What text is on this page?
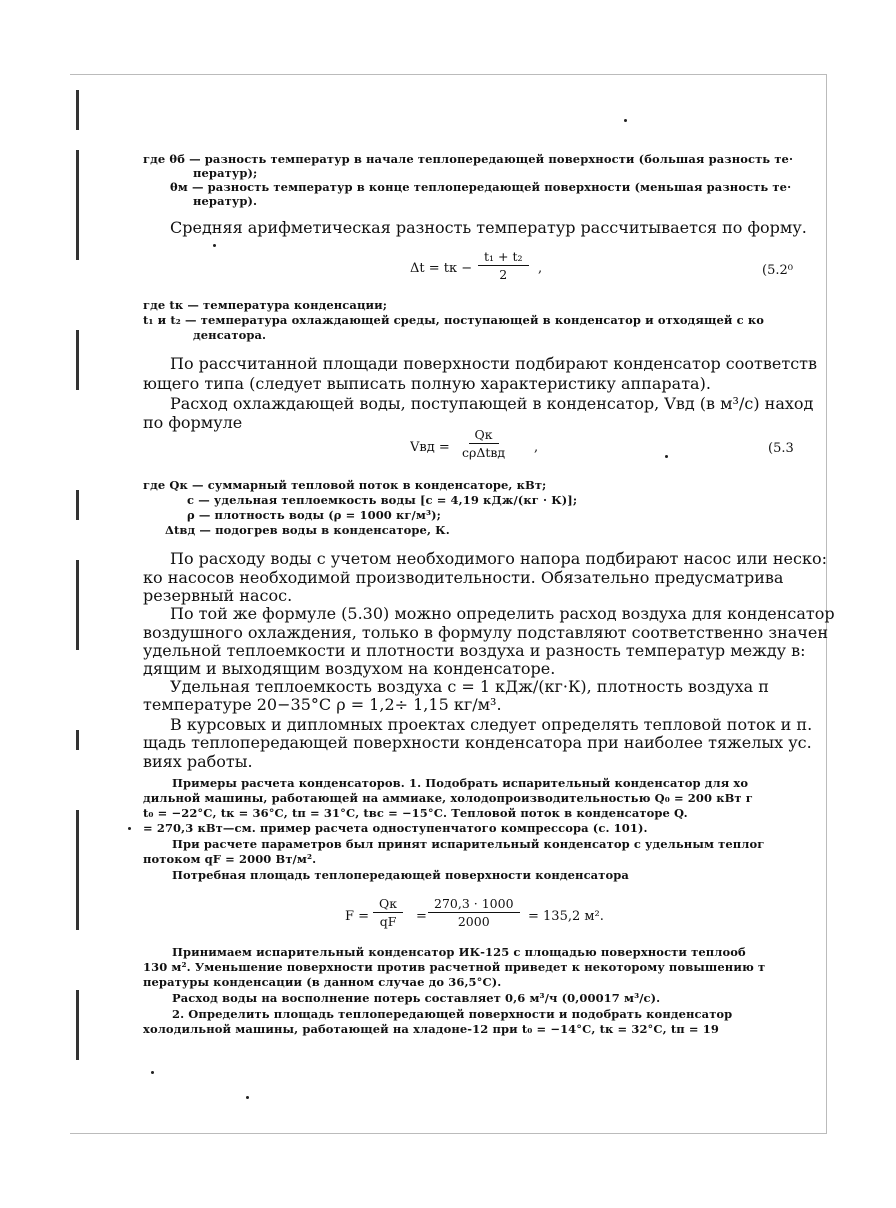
где θб — разность температур в начале теплопередающей поверхности (большая разность те·
ператур);
θм — разность температур в конце теплопередающей поверхности (меньшая разность те·
нератур).
Средняя арифметическая разность температур рассчитывается по форму.
Δt = tк − $\frac{\text{t₁ + t₂}}{2}$ ,	(5.2⁰
где tк — температура конденсации;
t₁ и t₂ — температура охлаждающей среды, поступающей в конденсатор и отходящей с ко
денсатора.
По рассчитанной площади поверхности подбирают конденсатор соответств
ющего типа (следует выписать полную характеристику аппарата).
Расход охлаждающей воды, поступающей в конденсатор, Vвд (в м³/с) наход
по формуле
Vвд =
Qк
cρΔtвд ,	(5.3
где Qк — суммарный тепловой поток в конденсаторе, кВт;
c — удельная теплоемкость воды [c = 4,19 кДж/(кг · К)];
ρ — плотность воды (ρ = 1000 кг/м³);
Δtвд — подогрев воды в конденсаторе, К.
По расходу воды с учетом необходимого напора подбирают насос или неско:
ко насосов необходимой производительности. Обязательно предусматрива
резервный насос.
По той же формуле (5.30) можно определить расход воздуха для конденсатор
воздушного охлаждения, только в формулу подставляют соответственно значен
удельной теплоемкости и плотности воздуха и разность температур между в:
дящим и выходящим воздухом на конденсаторе.
Удельная теплоемкость воздуха c = 1 кДж/(кг·К), плотность воздуха п
температуре 20−35°С ρ = 1,2÷ 1,15 кг/м³.
В курсовых и дипломных проектах следует определять тепловой поток и п.
щадь теплопередающей поверхности конденсатора при наиболее тяжелых ус.
виях работы.
Примеры расчета конденсаторов. 1. Подобрать испарительный конденсатор для хо
дильной машины, работающей на аммиаке, холодопроизводительностью Q₀ = 200 кВт г
t₀ = −22°С, tк = 36°С, tп = 31°С, tвс = −15°С. Тепловой поток в конденсаторе Q.
= 270,3 кВт—см. пример расчета одноступенчатого компрессора (с. 101).
При расчете параметров был принят испарительный конденсатор с удельным теплог
потоком qF = 2000 Вт/м².
Потребная площадь теплопередающей поверхности конденсатора
F =
Qк
qF = $\frac{270,3 \cdot 1000}{2000} = 135,2$ м².
Принимаем испарительный конденсатор ИК-125 с площадью поверхности теплооб
130 м². Уменьшение поверхности против расчетной приведет к некоторому повышению т
пературы конденсации (в данном случае до 36,5°С).
Расход воды на восполнение потерь составляет 0,6 м³/ч (0,00017 м³/с).
2. Определить площадь теплопередающей поверхности и подобрать конденсатор
холодильной машины, работающей на хладоне-12 при t₀ = −14°С, tк = 32°С, tп = 19
